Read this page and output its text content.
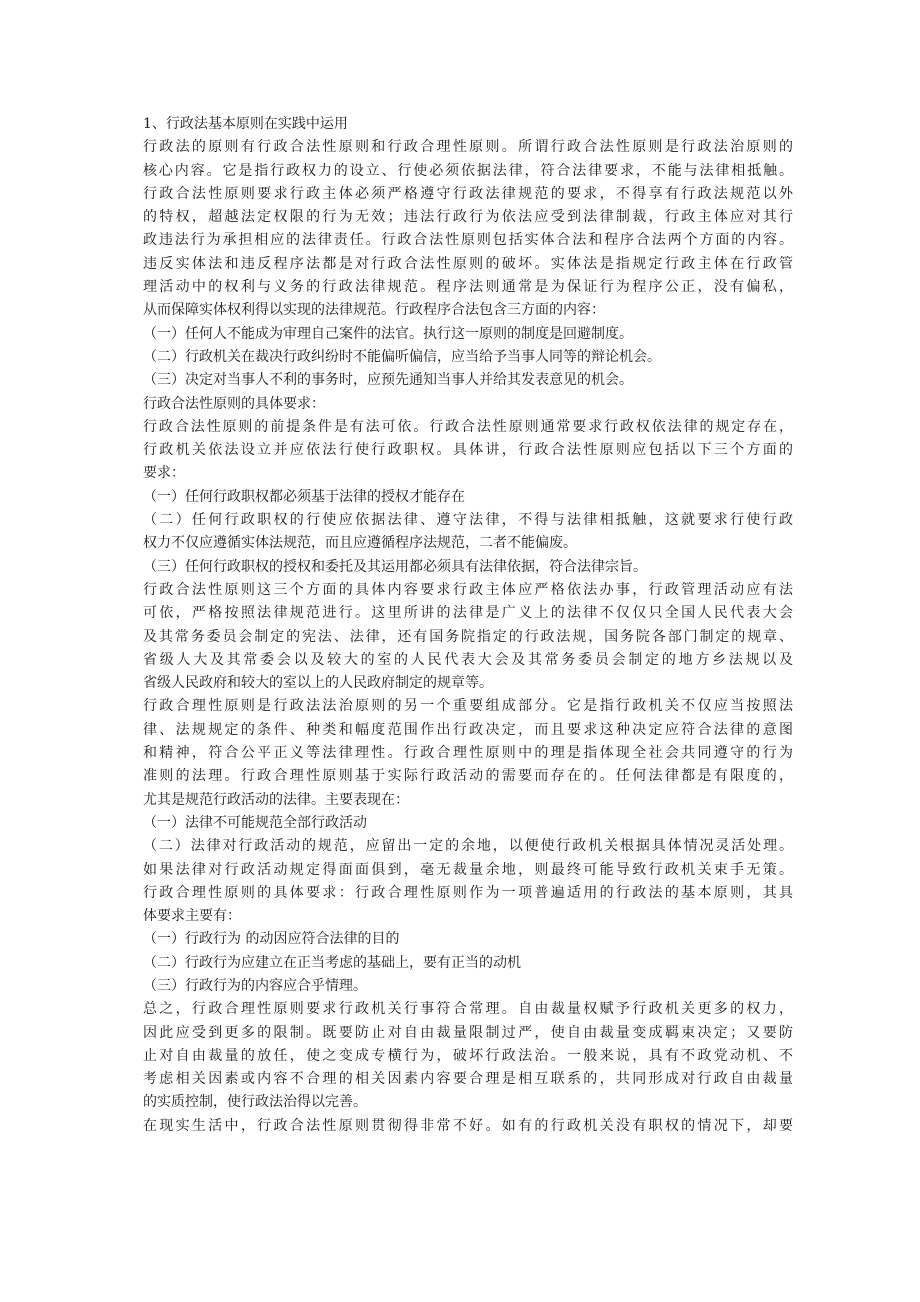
1、行政法基本原则在实践中运用
行政法的原则有行政合法性原则和行政合理性原则。所谓行政合法性原则是行政法治原则的
核心内容。它是指行政权力的设立、行使必须依据法律，符合法律要求，不能与法律相抵触。
行政合法性原则要求行政主体必须严格遵守行政法律规范的要求，不得享有行政法规范以外
的特权，超越法定权限的行为无效；违法行政行为依法应受到法律制裁，行政主体应对其行
政违法行为承担相应的法律责任。行政合法性原则包括实体合法和程序合法两个方面的内容。
违反实体法和违反程序法都是对行政合法性原则的破坏。实体法是指规定行政主体在行政管
理活动中的权利与义务的行政法律规范。程序法则通常是为保证行为程序公正，没有偏私，
从而保障实体权利得以实现的法律规范。行政程序合法包含三方面的内容：
（一）任何人不能成为审理自己案件的法官。执行这一原则的制度是回避制度。
（二）行政机关在裁决行政纠纷时不能偏听偏信，应当给予当事人同等的辩论机会。
（三）决定对当事人不利的事务时，应预先通知当事人并给其发表意见的机会。
行政合法性原则的具体要求：
行政合法性原则的前提条件是有法可依。行政合法性原则通常要求行政权依法律的规定存在，
行政机关依法设立并应依法行使行政职权。具体讲，行政合法性原则应包括以下三个方面的
要求：
（一）任何行政职权都必须基于法律的授权才能存在
（二）任何行政职权的行使应依据法律、遵守法律，不得与法律相抵触，这就要求行使行政
权力不仅应遵循实体法规范，而且应遵循程序法规范，二者不能偏废。
（三）任何行政职权的授权和委托及其运用都必须具有法律依据，符合法律宗旨。
行政合法性原则这三个方面的具体内容要求行政主体应严格依法办事，行政管理活动应有法
可依，严格按照法律规范进行。这里所讲的法律是广义上的法律不仅仅只全国人民代表大会
及其常务委员会制定的宪法、法律，还有国务院指定的行政法规，国务院各部门制定的规章、
省级人大及其常委会以及较大的室的人民代表大会及其常务委员会制定的地方乡法规以及
省级人民政府和较大的室以上的人民政府制定的规章等。
行政合理性原则是行政法法治原则的另一个重要组成部分。它是指行政机关不仅应当按照法
律、法规规定的条件、种类和幅度范围作出行政决定，而且要求这种决定应符合法律的意图
和精神，符合公平正义等法律理性。行政合理性原则中的理是指体现全社会共同遵守的行为
准则的法理。行政合理性原则基于实际行政活动的需要而存在的。任何法律都是有限度的，
尤其是规范行政活动的法律。主要表现在：
（一）法律不可能规范全部行政活动
（二）法律对行政活动的规范，应留出一定的余地，以便使行政机关根据具体情况灵活处理。
如果法律对行政活动规定得面面俱到，毫无裁量余地，则最终可能导致行政机关束手无策。
行政合理性原则的具体要求：行政合理性原则作为一项普遍适用的行政法的基本原则，其具
体要求主要有：
（一）行政行为 的动因应符合法律的目的
（二）行政行为应建立在正当考虑的基础上，要有正当的动机
（三）行政行为的内容应合乎情理。
总之，行政合理性原则要求行政机关行事符合常理。自由裁量权赋予行政机关更多的权力，
因此应受到更多的限制。既要防止对自由裁量限制过严，使自由裁量变成羁束决定；又要防
止对自由裁量的放任，使之变成专横行为，破坏行政法治。一般来说，具有不政党动机、不
考虑相关因素或内容不合理的相关因素内容要合理是相互联系的，共同形成对行政自由裁量
的实质控制，使行政法治得以完善。
在现实生活中，行政合法性原则贯彻得非常不好。如有的行政机关没有职权的情况下，却要
